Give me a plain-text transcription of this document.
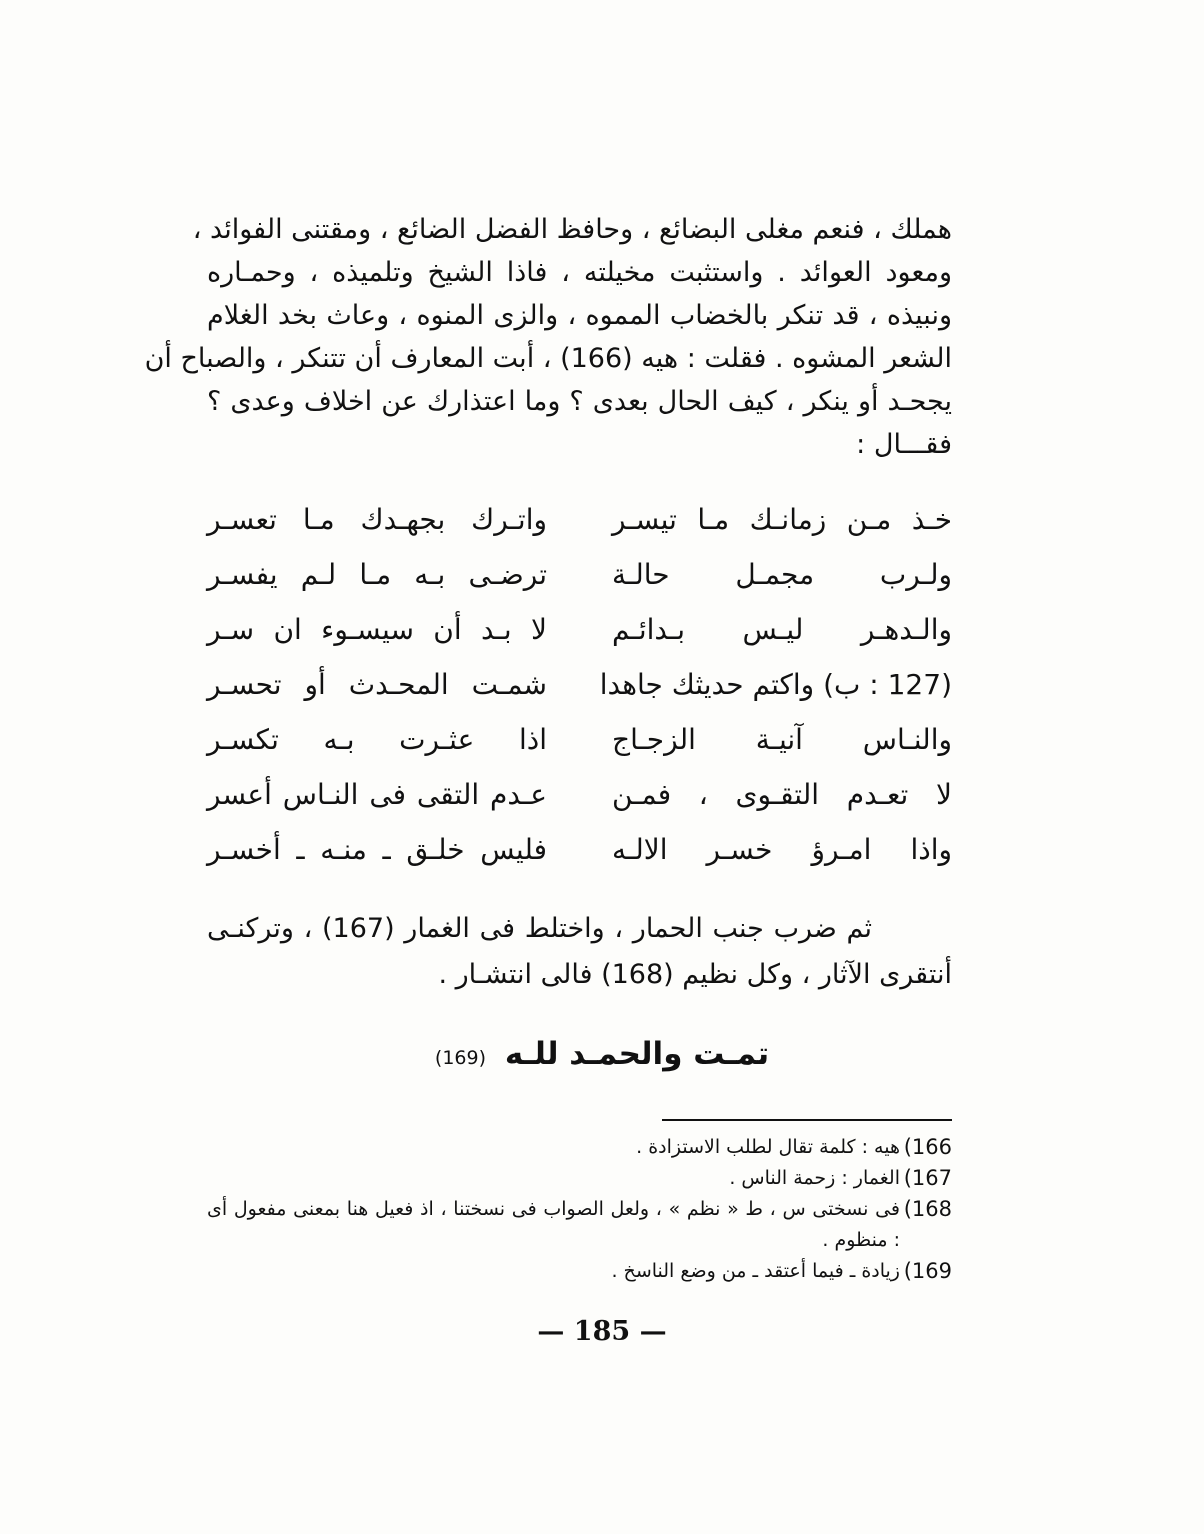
هملك ، فنعم مغلى البضائع ، وحافظ الفضل الضائع ، ومقتنى الفوائد ،
ومعود العوائد . واستثبت مخيلته ، فاذا الشيخ وتلميذه ، وحمـاره
ونبيذه ، قد تنكر بالخضاب المموه ، والزى المنوه ، وعاث بخد الغلام
الشعر المشوه . فقلت : هيه (166) ، أبت المعارف أن تتنكر ، والصباح أن
يجحـد أو ينكر ، كيف الحال بعدى ؟ وما اعتذارك عن اخلاف وعدى ؟
فقـــال :
خـذ مـن زمانـك مـا تيسـر
واتـرك بجهـدك مـا تعسـر
ولـرب مجمـل حالـة
ترضـى بـه مـا لـم يفسـر
والـدهـر ليـس بـدائـم
لا بـد أن سيسـوء ان سـر
(127 : ب) واكتم حديثك جاهدا
شمـت المحـدث أو تحسـر
والنـاس آنيـة الزجـاج
اذا عثـرت بـه تكسـر
لا تعـدم التقـوى ، فمـن
عـدم التقى فى النـاس أعسر
واذا امـرؤ خسـر الالـه
فليس خلـق ـ منـه ـ أخسـر
ثم ضرب جنب الحمار ، واختلط فى الغمار (167) ، وتركنـى
أنتقرى الآثار ، وكل نظيم (168) فالى انتشـار .
تمـت والحمـد للـه (169)
166)
هيه : كلمة تقال لطلب الاستزادة .
167)
الغمار : زحمة الناس .
168)
فى نسختى س ، ط « نظم » ، ولعل الصواب فى نسختنا ، اذ فعيل هنا بمعنى مفعول أى : منظوم .
169)
زيادة ـ فيما أعتقد ـ من وضع الناسخ .
— 185 —
